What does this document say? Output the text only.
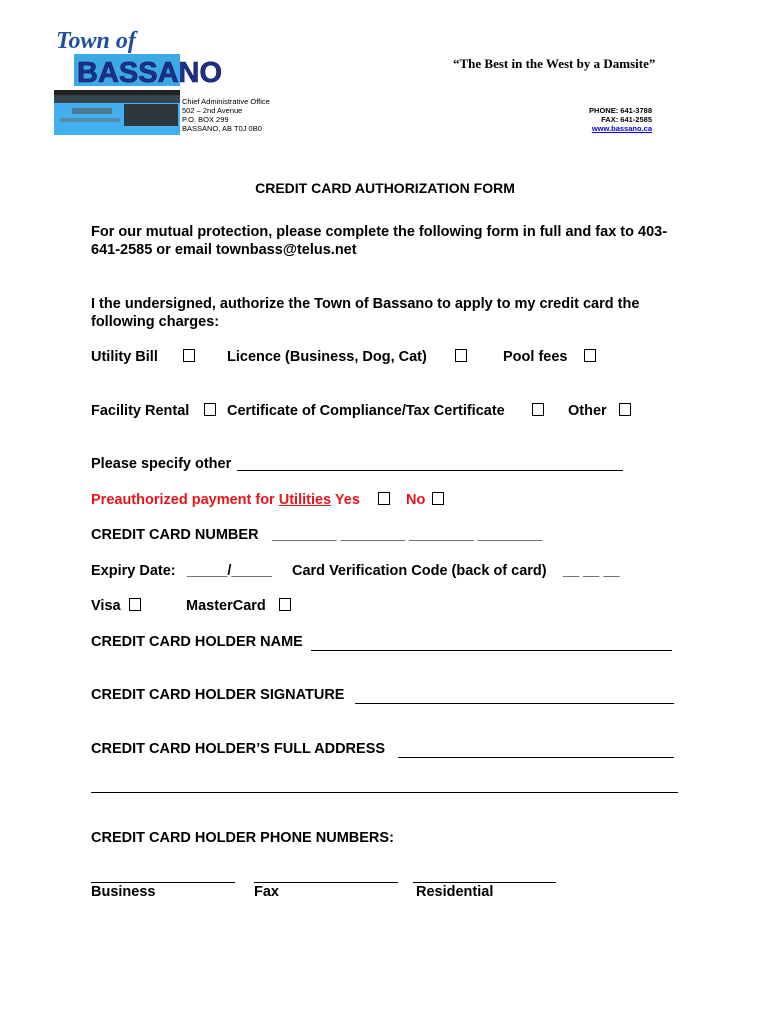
Town of
BASSANO	“The Best in the West by a Damsite”
Chief Administrative Office
502 – 2nd Avenue
P.O. BOX 299
BASSANO, AB T0J 0B0
PHONE: 641-3788
FAX: 641-2585
www.bassano.ca
CREDIT CARD AUTHORIZATION FORM
For our mutual protection, please complete the following form in full and fax to 403-641-2585 or email townbass@telus.net
I the undersigned, authorize the Town of Bassano to apply to my credit card the following charges:
Utility Bill	Licence (Business, Dog, Cat)	Pool fees
Facility Rental	Certificate of Compliance/Tax Certificate	Other
Please specify other
Preauthorized payment for Utilities Yes	No
CREDIT CARD NUMBER ________ ________ ________ ________
Expiry Date: _____/_____ Card Verification Code (back of card) __ __ __
Visa	MasterCard
CREDIT CARD HOLDER NAME
CREDIT CARD HOLDER SIGNATURE
CREDIT CARD HOLDER’S FULL ADDRESS
CREDIT CARD HOLDER PHONE NUMBERS:
Business	Fax	Residential
